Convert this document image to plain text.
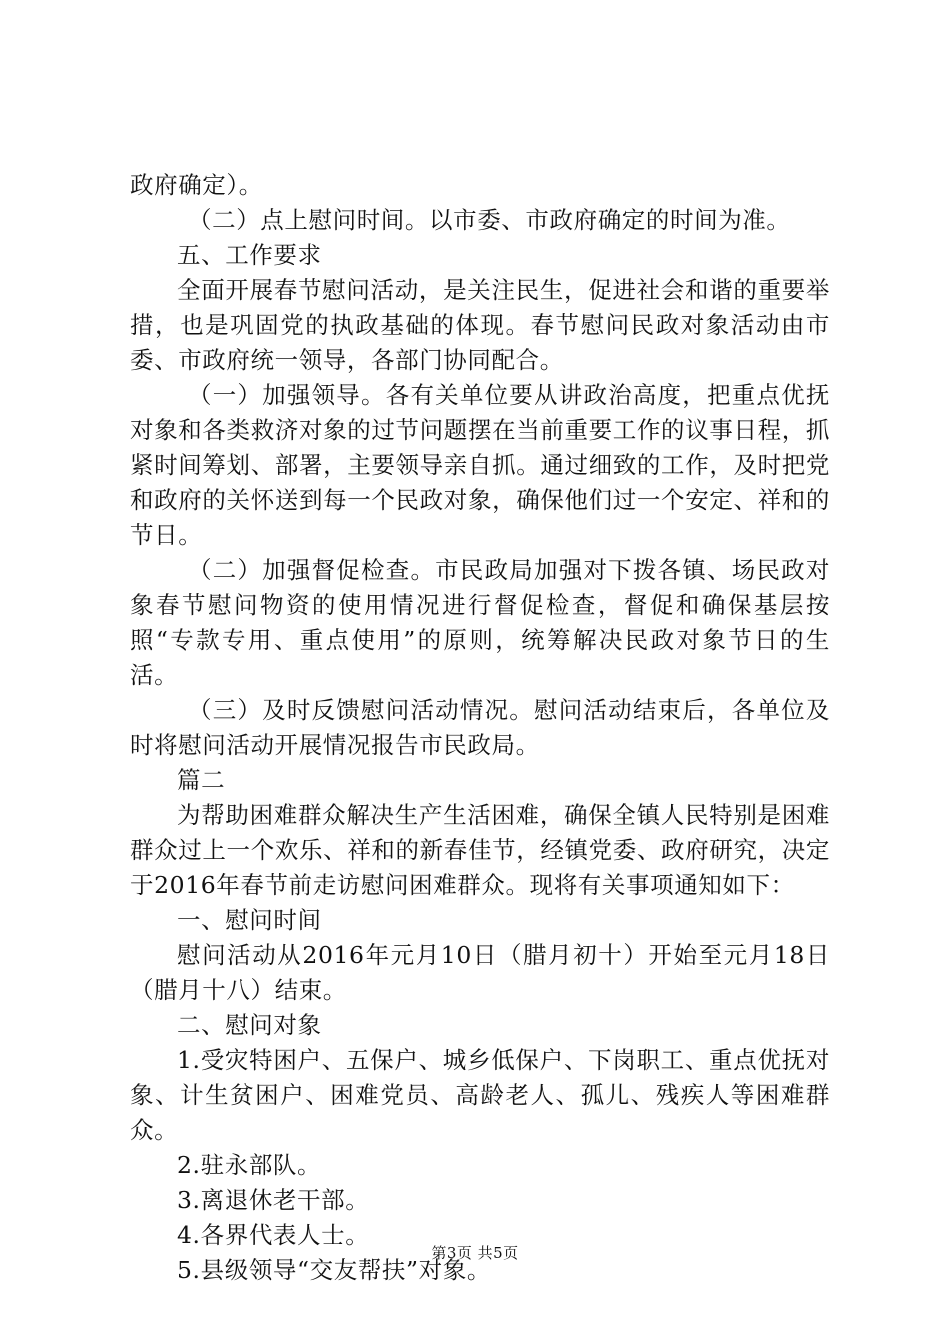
政府确定）。

（二）点上慰问时间。以市委、市政府确定的时间为准。

五、工作要求

全面开展春节慰问活动，是关注民生，促进社会和谐的重要举措，也是巩固党的执政基础的体现。春节慰问民政对象活动由市委、市政府统一领导，各部门协同配合。

（一）加强领导。各有关单位要从讲政治高度，把重点优抚对象和各类救济对象的过节问题摆在当前重要工作的议事日程，抓紧时间筹划、部署，主要领导亲自抓。通过细致的工作，及时把党和政府的关怀送到每一个民政对象，确保他们过一个安定、祥和的节日。

（二）加强督促检查。市民政局加强对下拨各镇、场民政对象春节慰问物资的使用情况进行督促检查，督促和确保基层按照“专款专用、重点使用”的原则，统筹解决民政对象节日的生活。

（三）及时反馈慰问活动情况。慰问活动结束后，各单位及时将慰问活动开展情况报告市民政局。

篇二

为帮助困难群众解决生产生活困难，确保全镇人民特别是困难群众过上一个欢乐、祥和的新春佳节，经镇党委、政府研究，决定于2016年春节前走访慰问困难群众。现将有关事项通知如下：

一、慰问时间

慰问活动从2016年元月10日（腊月初十）开始至元月18日（腊月十八）结束。

二、慰问对象

1.受灾特困户、五保户、城乡低保户、下岗职工、重点优抚对象、计生贫困户、困难党员、高龄老人、孤儿、残疾人等困难群众。

2.驻永部队。

3.离退休老干部。

4.各界代表人士。

5.县级领导“交友帮扶”对象。

第3页 共5页
